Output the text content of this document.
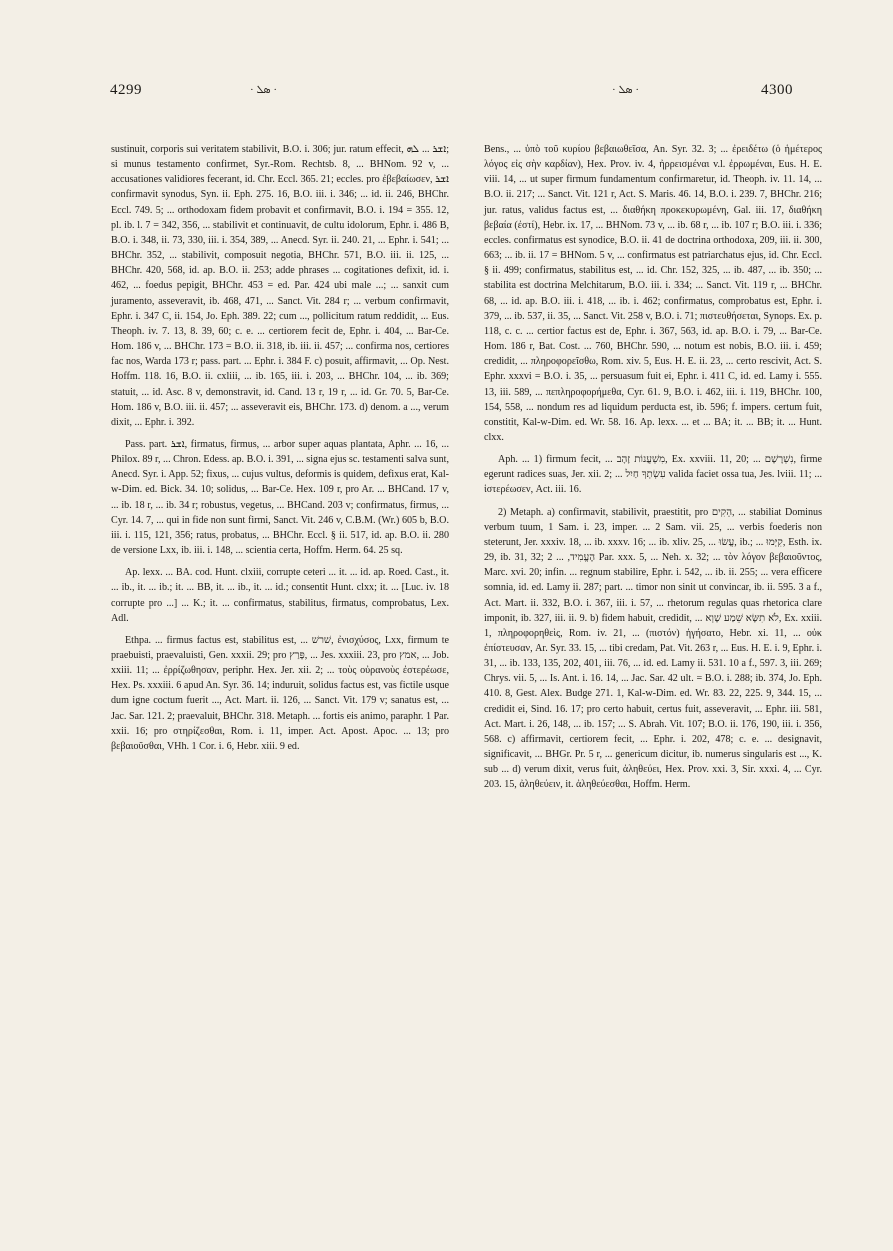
4299	· ܣܠ ·	· ܣܠ ·	4300

sustinuit, corporis sui veritatem stabilivit, B.O. i. 306; jur. ratum effecit, ܐܫܪ ... ܠܗ; si munus testamento confirmet, Syr.-Rom. Rechtsb. 8, ... BHNom. 92 v, ... accusationes validiores fecerant, id. Chr. Eccl. 365. 21; eccles. pro ἐβεβαίωσεν, ܐܫܪ confirmavit synodus, Syn. ii. Eph. 275. 16, B.O. iii. i. 346; ... id. ii. 246, BHChr. Eccl. 749. 5; ... orthodoxam fidem probavit et confirmavit, B.O. i. 194 = 355. 12, pl. ib. l. 7 = 342, 356, ... stabilivit et continuavit, de cultu idolorum, Ephr. i. 486 B, B.O. i. 348, ii. 73, 330, iii. i. 354, 389, ... Anecd. Syr. ii. 240. 21, ... Ephr. i. 541; ... BHChr. 352, ... stabilivit, composuit negotia, BHChr. 571, B.O. iii. ii. 125, ... BHChr. 420, 568, id. ap. B.O. ii. 253; adde phrases ... cogitationes defixit, id. i. 462, ... foedus pepigit, BHChr. 453 = ed. Par. 424 ubi male ...; ... sanxit cum juramento, asseveravit, ib. 468, 471, ... Sanct. Vit. 284 r; ... verbum confirmavit, Ephr. i. 347 C, ii. 154, Jo. Eph. 389. 22; cum ..., pollicitum ratum reddidit, ... Eus. Theoph. iv. 7. 13, 8. 39, 60; c. e. ... certiorem fecit de, Ephr. i. 404, ... Bar-Ce. Hom. 186 v, ... BHChr. 173 = B.O. ii. 318, ib. iii. ii. 457; ... confirma nos, certiores fac nos, Warda 173 r; pass. part. ... Ephr. i. 384 F. c) posuit, affirmavit, ... Op. Nest. Hoffm. 118. 16, B.O. ii. cxliii, ... ib. 165, iii. i. 203, ... BHChr. 104, ... ib. 369; statuit, ... id. Asc. 8 v, demonstravit, id. Cand. 13 r, 19 r, ... id. Gr. 70. 5, Bar-Ce. Hom. 186 v, B.O. iii. ii. 457; ... asseveravit eis, BHChr. 173. d) denom. a ..., verum dixit, ... Ephr. i. 392.

Pass. part. ܐܫܪ, firmatus, firmus, ... arbor super aquas plantata, Aphr. ... 16, ... Philox. 89 r, ... Chron. Edess. ap. B.O. i. 391, ... signa ejus sc. testamenti salva sunt, Anecd. Syr. i. App. 52; fixus, ... cujus vultus, deformis is quidem, defixus erat, Kal-w-Dim. ed. Bick. 34. 10; solidus, ... Bar-Ce. Hex. 109 r, pro Ar. ... BHCand. 17 v, ... ib. 18 r, ... ib. 34 r; robustus, vegetus, ... BHCand. 203 v; confirmatus, firmus, ... Cyr. 14. 7, ... qui in fide non sunt firmi, Sanct. Vit. 246 v, C.B.M. (Wr.) 605 b, B.O. iii. i. 115, 121, 356; ratus, probatus, ... BHChr. Eccl. § ii. 517, id. ap. B.O. ii. 280 de versione Lxx, ib. iii. i. 148, ... scientia certa, Hoffm. Herm. 64. 25 sq.

Ap. lexx. ... BA. cod. Hunt. clxiii, corrupte ceteri ... it. ... id. ap. Roed. Cast., it. ... ib., it. ... ib.; it. ... BB, it. ... ib., it. ... id.; consentit Hunt. clxx; it. ... [Luc. iv. 18 corrupte pro ...] ... K.; it. ... confirmatus, stabilitus, firmatus, comprobatus, Lex. Adl.

Ethpa. ... firmus factus est, stabilitus est, ... שׁרשׁ, ἐνισχύσος, Lxx, firmum te praebuisti, praevaluisti, Gen. xxxii. 29; pro פָּרַץ, ... Jes. xxxiii. 23, pro אמץ, ... Job. xxiii. 11; ... ἐρρίζωθησαν, periphr. Hex. Jer. xii. 2; ... τοὺς οὐρανοὺς ἐστερέωσε, Hex. Ps. xxxiii. 6 apud An. Syr. 36. 14; induruit, solidus factus est, vas fictile usque dum igne coctum fuerit ..., Act. Mart. ii. 126, ... Sanct. Vit. 179 v; sanatus est, ... Jac. Sar. 121. 2; praevaluit, BHChr. 318. Metaph. ... fortis eis animo, paraphr. 1 Par. xxii. 16; pro στηρίζεσθαι, Rom. i. 11, imper. Act. Apost. Apoc. ... 13; pro βεβαιοῦσθαι, VHh. 1 Cor. i. 6, Hebr. xiii. 9 ed.

Bens., ... ὑπὸ τοῦ κυρίου βεβαιωθεῖσα, An. Syr. 32. 3; ... ἐρειδέτω (ὁ ἡμέτερος λόγος εἰς σὴν καρδίαν), Hex. Prov. iv. 4, ἠρρεισμέναι v.l. ἐρρωμέναι, Eus. H. E. viii. 14, ... ut super firmum fundamentum confirmaretur, id. Theoph. iv. 11. 14, ... B.O. ii. 217; ... Sanct. Vit. 121 r, Act. S. Maris. 46. 14, B.O. i. 239. 7, BHChr. 216; jur. ratus, validus factus est, ... διαθήκη προκεκυρωμένη, Gal. iii. 17, διαθήκη βεβαία (ἐστί), Hebr. ix. 17, ... BHNom. 73 v, ... ib. 68 r, ... ib. 107 r; B.O. iii. i. 336; eccles. confirmatus est synodice, B.O. ii. 41 de doctrina orthodoxa, 209, iii. ii. 300, 663; ... ib. ii. 17 = BHNom. 5 v, ... confirmatus est patriarchatus ejus, id. Chr. Eccl. § ii. 499; confirmatus, stabilitus est, ... id. Chr. 152, 325, ... ib. 487, ... ib. 350; ... stabilita est doctrina Melchitarum, B.O. iii. i. 334; ... Sanct. Vit. 119 r, ... BHChr. 68, ... id. ap. B.O. iii. i. 418, ... ib. i. 462; confirmatus, comprobatus est, Ephr. i. 379, ... ib. 537, ii. 35, ... Sanct. Vit. 258 v, B.O. i. 71; πιστευθήσεται, Synops. Ex. p. 118, c. c. ... certior factus est de, Ephr. i. 367, 563, id. ap. B.O. i. 79, ... Bar-Ce. Hom. 186 r, Bat. Cost. ... 760, BHChr. 590, ... notum est nobis, B.O. iii. i. 459; credidit, ... πληροφορεῖσθω, Rom. xiv. 5, Eus. H. E. ii. 23, ... certo rescivit, Act. S. Ephr. xxxvi = B.O. i. 35, ... persuasum fuit ei, Ephr. i. 411 C, id. ed. Lamy i. 555. 13, iii. 589, ... πεπληροφορήμεθα, Cyr. 61. 9, B.O. i. 462, iii. i. 119, BHChr. 100, 154, 558, ... nondum res ad liquidum perducta est, ib. 596; f. impers. certum fuit, constitit, Kal-w-Dim. ed. Wr. 58. 16. Ap. lexx. ... et ... BA; it. ... BB; it. ... Hunt. clxx.

Aph. ... 1) firmum fecit, ... מִשְׁעֲנוֹת זָהָב, Ex. xxviii. 11, 20; ... נִשְׁרָשָׁם, firme egerunt radices suas, Jer. xii. 2; ... עִשְׂתְךָ חַיִל valida faciet ossa tua, Jes. lviii. 11; ... ἱστερέωσεν, Act. iii. 16.

2) Metaph. a) confirmavit, stabilivit, praestitit, pro הֵקִים, ... stabiliat Dominus verbum tuum, 1 Sam. i. 23, imper. ... 2 Sam. vii. 25, ... verbis foederis non steterunt, Jer. xxxiv. 18, ... ib. xxxv. 16; ... ib. xliv. 25, ... עֲשׂוּ, ib.; ... קִיְּמוּ, Esth. ix. 29, ib. 31, 32; הֶעֱמִיד, ... 2 Par. xxx. 5, ... Neh. x. 32; ... τὸν λόγον βεβαιοῦντος, Marc. xvi. 20; infin. ... regnum stabilire, Ephr. i. 542, ... ib. ii. 255; ... vera efficere somnia, id. ed. Lamy ii. 287; part. ... timor non sinit ut convincar, ib. ii. 595. 3 a f., Act. Mart. ii. 332, B.O. i. 367, iii. i. 57, ... rhetorum regulas quas rhetorica clare imponit, ib. 327, iii. ii. 9. b) fidem habuit, credidit, ... לֹא תִשָּׂא שֵׁמַע שָׁוְא, Ex. xxiii. 1, πληροφορηθεὶς, Rom. iv. 21, ... (πιστόν) ἡγήσατο, Hebr. xi. 11, ... οὐκ ἐπίστευσαν, Ar. Syr. 33. 15, ... tibi credam, Pat. Vit. 263 r, ... Eus. H. E. i. 9, Ephr. i. 31, ... ib. 133, 135, 202, 401, iii. 76, ... id. ed. Lamy ii. 531. 10 a f., 597. 3, iii. 269; Chrys. vii. 5, ... Is. Ant. i. 16. 14, ... Jac. Sar. 42 ult. = B.O. i. 288; ib. 374, Jo. Eph. 410. 8, Gest. Alex. Budge 271. 1, Kal-w-Dim. ed. Wr. 83. 22, 225. 9, 344. 15, ... credidit ei, Sind. 16. 17; pro certo habuit, certus fuit, asseveravit, ... Ephr. iii. 581, Act. Mart. i. 26, 148, ... ib. 157; ... S. Abrah. Vit. 107; B.O. ii. 176, 190, iii. i. 356, 568. c) affirmavit, certiorem fecit, ... Ephr. i. 202, 478; c. e. ... designavit, significavit, ... BHGr. Pr. 5 r, ... genericum dicitur, ib. numerus singularis est ..., K. sub ... d) verum dixit, verus fuit, ἀληθεύει, Hex. Prov. xxi. 3, Sir. xxxi. 4, ... Cyr. 203. 15, ἀληθεύειν, it. ἀληθεύεσθαι, Hoffm. Herm.
